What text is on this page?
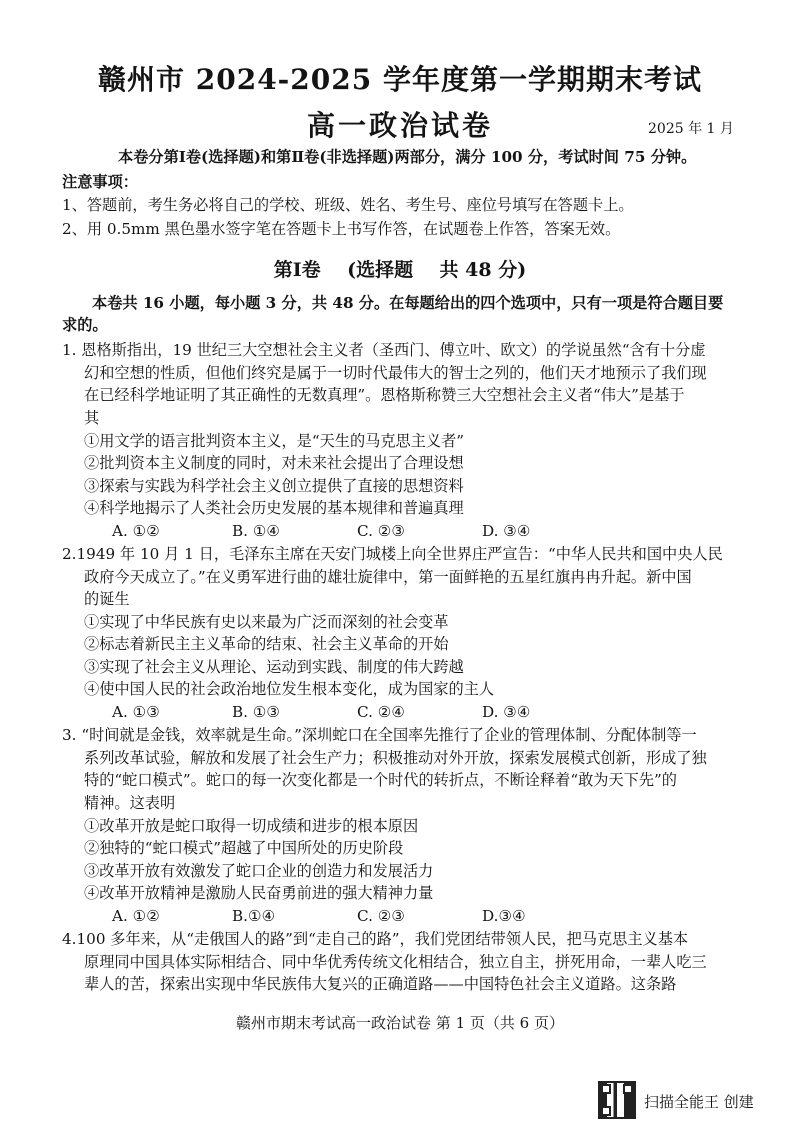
赣州市 2024-2025 学年度第一学期期末考试
高一政治试卷	2025 年 1 月
本卷分第Ⅰ卷(选择题)和第Ⅱ卷(非选择题)两部分，满分 100 分，考试时间 75 分钟。
注意事项：
1、答题前，考生务必将自己的学校、班级、姓名、考生号、座位号填写在答题卡上。
2、用 0.5mm 黑色墨水签字笔在答题卡上书写作答，在试题卷上作答，答案无效。
第Ⅰ卷    (选择题    共 48 分)
本卷共 16 小题，每小题 3 分，共 48 分。在每题给出的四个选项中，只有一项是符合题目要
求的。
1. 恩格斯指出，19 世纪三大空想社会主义者（圣西门、傅立叶、欧文）的学说虽然“含有十分虚
幻和空想的性质，但他们终究是属于一切时代最伟大的智士之列的，他们天才地预示了我们现
在已经科学地证明了其正确性的无数真理”。恩格斯称赞三大空想社会主义者“伟大”是基于
其
①用文学的语言批判资本主义，是“天生的马克思主义者”
②批判资本主义制度的同时，对未来社会提出了合理设想
③探索与实践为科学社会主义创立提供了直接的思想资料
④科学地揭示了人类社会历史发展的基本规律和普遍真理
A. ①②	B. ①④	C. ②③	D. ③④
2.1949 年 10 月 1 日，毛泽东主席在天安门城楼上向全世界庄严宣告：“中华人民共和国中央人民
政府今天成立了。”在义勇军进行曲的雄壮旋律中，第一面鲜艳的五星红旗冉冉升起。新中国
的诞生
①实现了中华民族有史以来最为广泛而深刻的社会变革
②标志着新民主主义革命的结束、社会主义革命的开始
③实现了社会主义从理论、运动到实践、制度的伟大跨越
④使中国人民的社会政治地位发生根本变化，成为国家的主人
A. ①③	B. ①③	C. ②④	D. ③④
3. “时间就是金钱，效率就是生命。”深圳蛇口在全国率先推行了企业的管理体制、分配体制等一
系列改革试验，解放和发展了社会生产力；积极推动对外开放，探索发展模式创新，形成了独
特的“蛇口模式”。蛇口的每一次变化都是一个时代的转折点，不断诠释着“敢为天下先”的
精神。这表明
①改革开放是蛇口取得一切成绩和进步的根本原因
②独特的“蛇口模式”超越了中国所处的历史阶段
③改革开放有效激发了蛇口企业的创造力和发展活力
④改革开放精神是激励人民奋勇前进的强大精神力量
A. ①②	B.①④	C. ②③	D.③④
4.100 多年来，从“走俄国人的路”到“走自己的路”，我们党团结带领人民，把马克思主义基本
原理同中国具体实际相结合、同中华优秀传统文化相结合，独立自主，拼死用命，一辈人吃三
辈人的苦，探索出实现中华民族伟大复兴的正确道路——中国特色社会主义道路。这条路
赣州市期末考试高一政治试卷 第 1 页（共 6 页）
扫描全能王 创建
